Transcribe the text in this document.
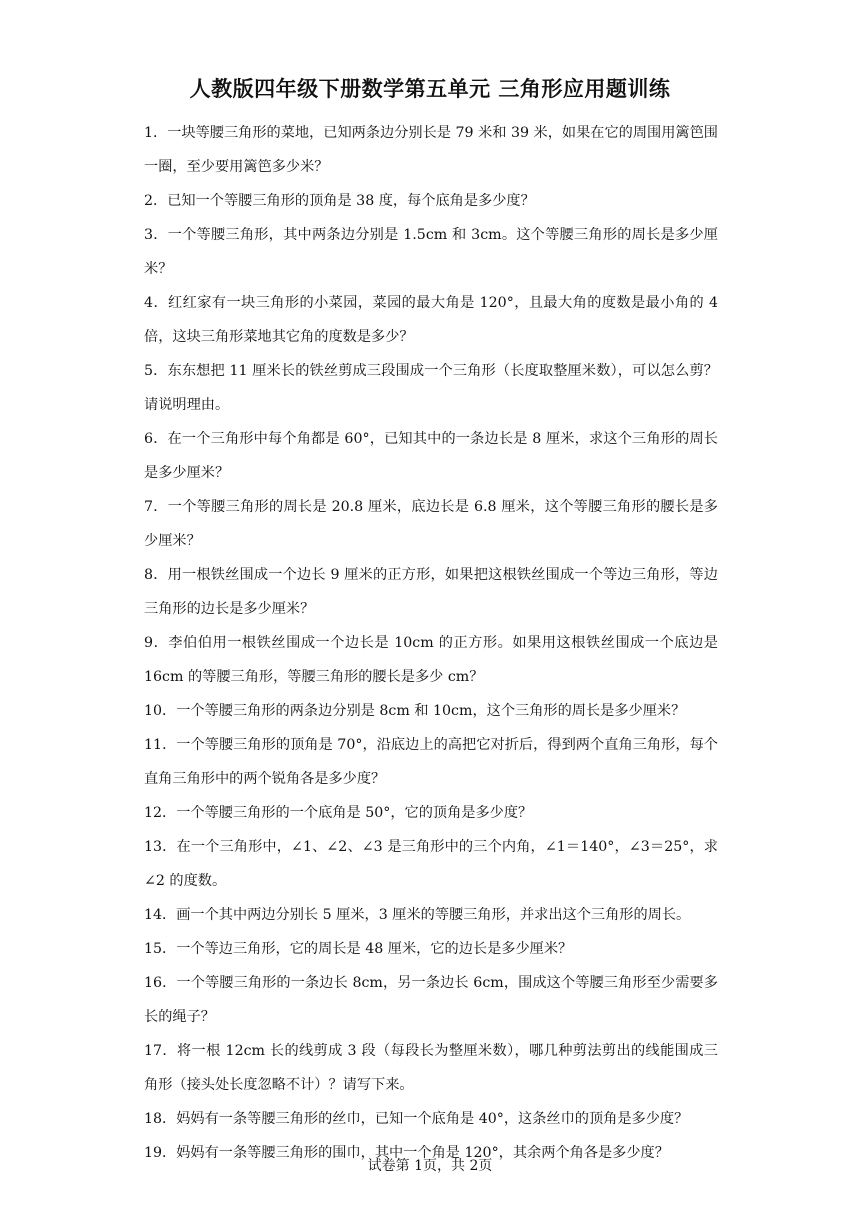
人教版四年级下册数学第五单元 三角形应用题训练
1．一块等腰三角形的菜地，已知两条边分别长是 79 米和 39 米，如果在它的周围用篱笆围一圈，至少要用篱笆多少米？
2．已知一个等腰三角形的顶角是 38 度，每个底角是多少度？
3．一个等腰三角形，其中两条边分别是 1.5cm 和 3cm。这个等腰三角形的周长是多少厘米？
4．红红家有一块三角形的小菜园，菜园的最大角是 120°，且最大角的度数是最小角的 4 倍，这块三角形菜地其它角的度数是多少？
5．东东想把 11 厘米长的铁丝剪成三段围成一个三角形（长度取整厘米数），可以怎么剪？请说明理由。
6．在一个三角形中每个角都是 60°，已知其中的一条边长是 8 厘米，求这个三角形的周长是多少厘米？
7．一个等腰三角形的周长是 20.8 厘米，底边长是 6.8 厘米，这个等腰三角形的腰长是多少厘米？
8．用一根铁丝围成一个边长 9 厘米的正方形，如果把这根铁丝围成一个等边三角形，等边三角形的边长是多少厘米？
9．李伯伯用一根铁丝围成一个边长是 10cm 的正方形。如果用这根铁丝围成一个底边是 16cm 的等腰三角形，等腰三角形的腰长是多少 cm？
10．一个等腰三角形的两条边分别是 8cm 和 10cm，这个三角形的周长是多少厘米？
11．一个等腰三角形的顶角是 70°，沿底边上的高把它对折后，得到两个直角三角形，每个直角三角形中的两个锐角各是多少度？
12．一个等腰三角形的一个底角是 50°，它的顶角是多少度？
13．在一个三角形中，∠1、∠2、∠3 是三角形中的三个内角，∠1＝140°，∠3＝25°，求∠2 的度数。
14．画一个其中两边分别长 5 厘米，3 厘米的等腰三角形，并求出这个三角形的周长。
15．一个等边三角形，它的周长是 48 厘米，它的边长是多少厘米？
16．一个等腰三角形的一条边长 8cm，另一条边长 6cm，围成这个等腰三角形至少需要多长的绳子？
17．将一根 12cm 长的线剪成 3 段（每段长为整厘米数），哪几种剪法剪出的线能围成三角形（接头处长度忽略不计）？请写下来。
18．妈妈有一条等腰三角形的丝巾，已知一个底角是 40°，这条丝巾的顶角是多少度？
19．妈妈有一条等腰三角形的围巾，其中一个角是 120°，其余两个角各是多少度？
试卷第 1页，共 2页
